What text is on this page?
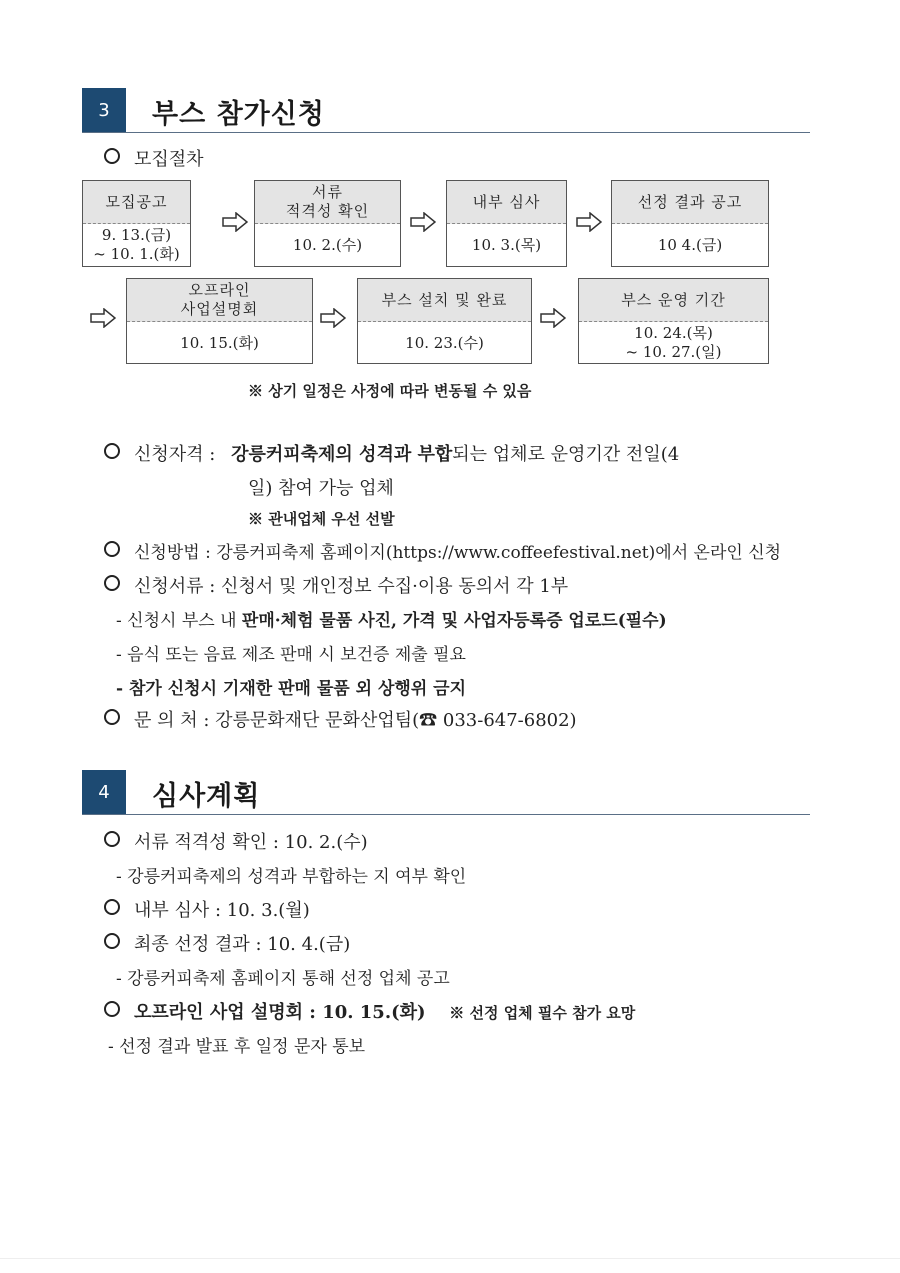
3	부스 참가신청
모집절차
모집공고
9. 13.(금)
~ 10. 1.(화)
서류
적격성 확인
10. 2.(수)
내부 심사
10. 3.(목)
선정 결과 공고
10 4.(금)
오프라인
사업설명회
10. 15.(화)
부스 설치 및 완료
10. 23.(수)
부스 운영 기간
10. 24.(목)
~ 10. 27.(일)
※ 상기 일정은 사정에 따라 변동될 수 있음
신청자격 : 강릉커피축제의 성격과 부합되는 업체로 운영기간 전일(4
일) 참여 가능 업체
※ 관내업체 우선 선발
신청방법 : 강릉커피축제 홈페이지(https://www.coffeefestival.net)에서 온라인 신청
신청서류 : 신청서 및 개인정보 수집·이용 동의서 각 1부
- 신청시 부스 내 판매·체험 물품 사진, 가격 및 사업자등록증 업로드(필수)
- 음식 또는 음료 제조 판매 시 보건증 제출 필요
- 참가 신청시 기재한 판매 물품 외 상행위 금지
문 의 처 : 강릉문화재단 문화산업팀(☎ 033-647-6802)
4	심사계획
서류 적격성 확인 : 10. 2.(수)
- 강릉커피축제의 성격과 부합하는 지 여부 확인
내부 심사 : 10. 3.(월)
최종 선정 결과 : 10. 4.(금)
- 강릉커피축제 홈페이지 통해 선정 업체 공고
오프라인 사업 설명회 : 10. 15.(화) ※ 선정 업체 필수 참가 요망
- 선정 결과 발표 후 일정 문자 통보
